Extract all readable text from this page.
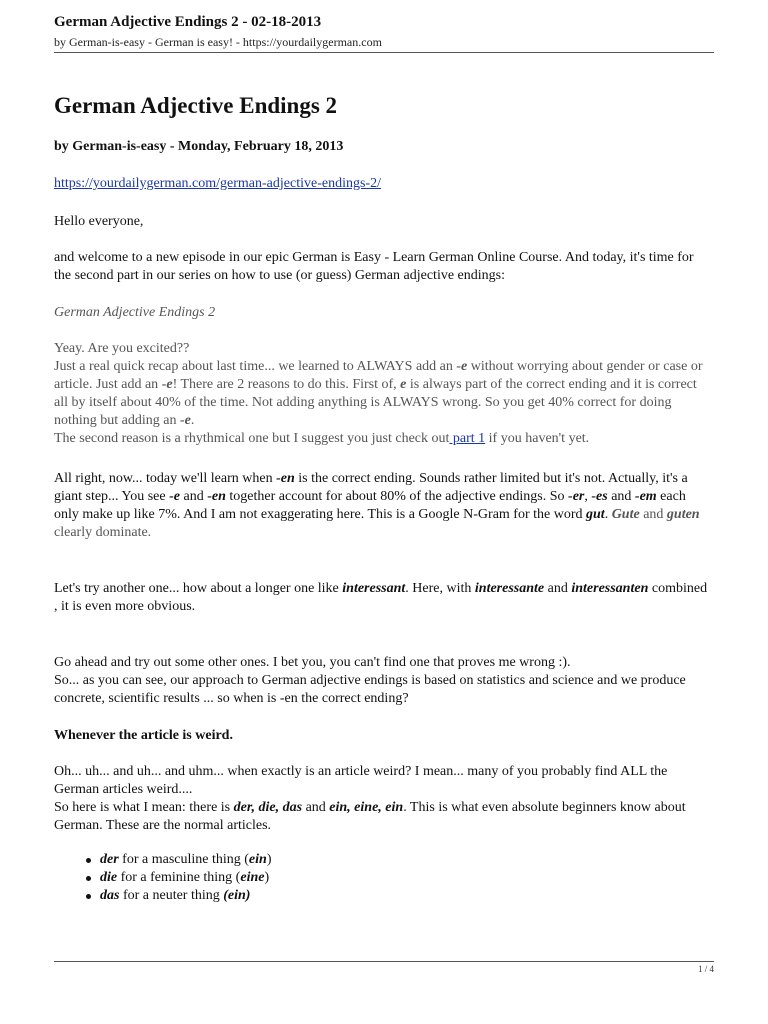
German Adjective Endings 2 - 02-18-2013
by German-is-easy - German is easy! - https://yourdailygerman.com
German Adjective Endings 2
by German-is-easy - Monday, February 18, 2013
https://yourdailygerman.com/german-adjective-endings-2/
Hello everyone,
and welcome to a new episode in our epic German is Easy - Learn German Online Course. And today, it's time for the second part in our series on how to use (or guess) German adjective endings:
German Adjective Endings 2
Yeay. Are you excited??
Just a real quick recap about last time... we learned to ALWAYS add an -e without worrying about gender or case or article. Just add an -e! There are 2 reasons to do this. First of, e is always part of the correct ending and it is correct all by itself about 40% of the time. Not adding anything is ALWAYS wrong. So you get 40% correct for doing nothing but adding an -e.
The second reason is a rhythmical one but I suggest you just check out part 1 if you haven't yet.
All right, now... today we'll learn when -en is the correct ending. Sounds rather limited but it's not. Actually, it's a giant step... You see -e and -en together account for about 80% of the adjective endings. So -er, -es and -em each only make up like 7%. And I am not exaggerating here. This is a Google N-Gram for the word gut. Gute and guten clearly dominate.
Let's try another one... how about a longer one like interessant. Here, with interessante and interessanten combined , it is even more obvious.
Go ahead and try out some other ones. I bet you, you can't find one that proves me wrong :).
So... as you can see, our approach to German adjective endings is based on statistics and science and we produce concrete, scientific results ... so when is -en the correct ending?
Whenever the article is weird.
Oh... uh... and uh... and uhm... when exactly is an article weird? I mean... many of you probably find ALL the German articles weird....
So here is what I mean: there is der, die, das and ein, eine, ein. This is what even absolute beginners know about German. These are the normal articles.
der for a masculine thing (ein)
die for a feminine thing (eine)
das for a neuter thing (ein)
1 / 4
